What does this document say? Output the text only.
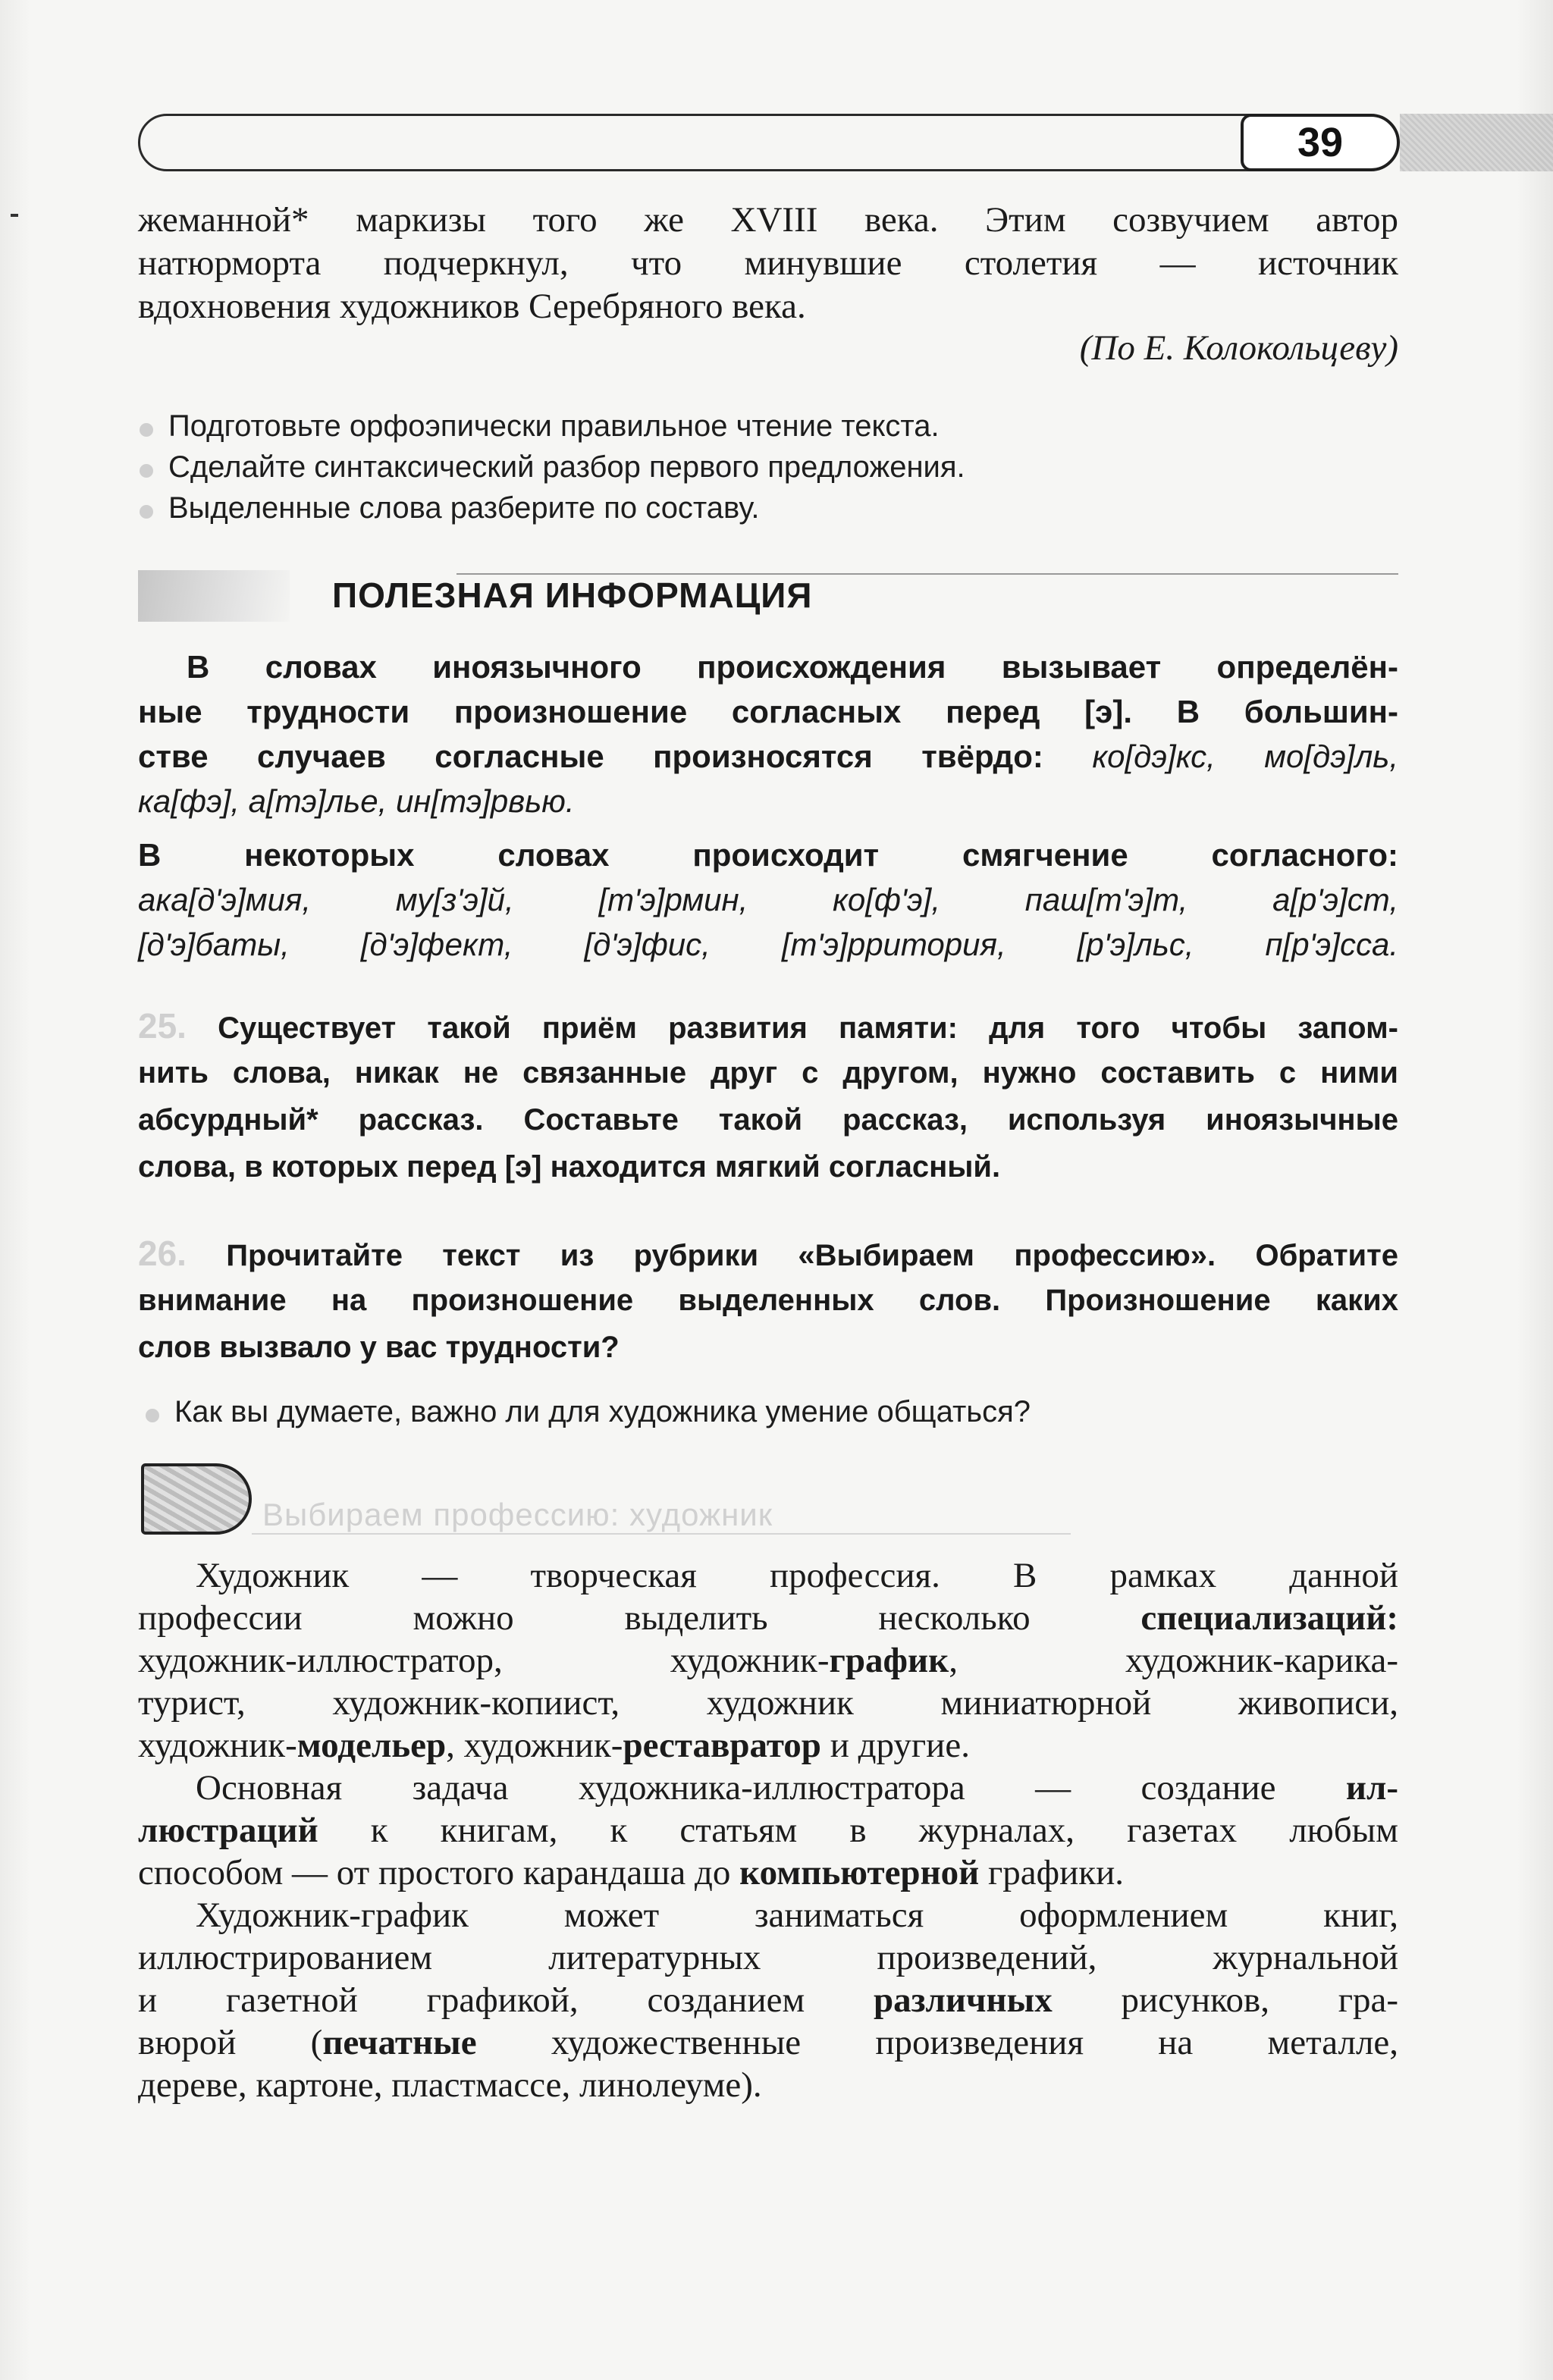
39
жеманной* маркизы того же XVIII века. Этим созвучием автор
натюрморта подчеркнул, что минувшие столетия — источник
вдохновения художников Серебряного века.
(По Е. Колокольцеву)
Подготовьте орфоэпически правильное чтение текста.
Сделайте синтаксический разбор первого предложения.
Выделенные слова разберите по составу.
ПОЛЕЗНАЯ ИНФОРМАЦИЯ
В словах иноязычного происхождения вызывает определён-
ные трудности произношение согласных перед [э]. В большин-
стве случаев согласные произносятся твёрдо: ко[дэ]кс, мо[дэ]ль,
ка[фэ], а[тэ]лье, ин[тэ]рвью.
В некоторых словах происходит смягчение согласного:
ака[д'э]мия, му[з'э]й, [т'э]рмин, ко[ф'э], паш[т'э]т, а[р'э]ст,
[д'э]баты, [д'э]фект, [д'э]фис, [т'э]рритория, [р'э]льс, п[р'э]сса.
25. Существует такой приём развития памяти: для того чтобы запом-
нить слова, никак не связанные друг с другом, нужно составить с ними
абсурдный* рассказ. Составьте такой рассказ, используя иноязычные
слова, в которых перед [э] находится мягкий согласный.
26. Прочитайте текст из рубрики «Выбираем профессию». Обратите
внимание на произношение выделенных слов. Произношение каких
слов вызвало у вас трудности?
Как вы думаете, важно ли для художника умение общаться?
Выбираем профессию: художник
Художник — творческая профессия. В рамках данной
профессии можно выделить несколько	специализаций:
художник-иллюстратор, художник-график, художник-карика-
турист, художник-копиист, художник миниатюрной живописи,
художник-модельер, художник-реставратор и другие.
Основная задача художника-иллюстратора — создание ил-
люстраций к книгам, к статьям в журналах, газетах любым
способом — от простого карандаша до компьютерной графики.
Художник-график может заниматься оформлением книг,
иллюстрированием литературных произведений, журнальной
и газетной графикой, созданием различных рисунков, гра-
вюрой (печатные художественные произведения на металле,
дереве, картоне, пластмассе, линолеуме).
